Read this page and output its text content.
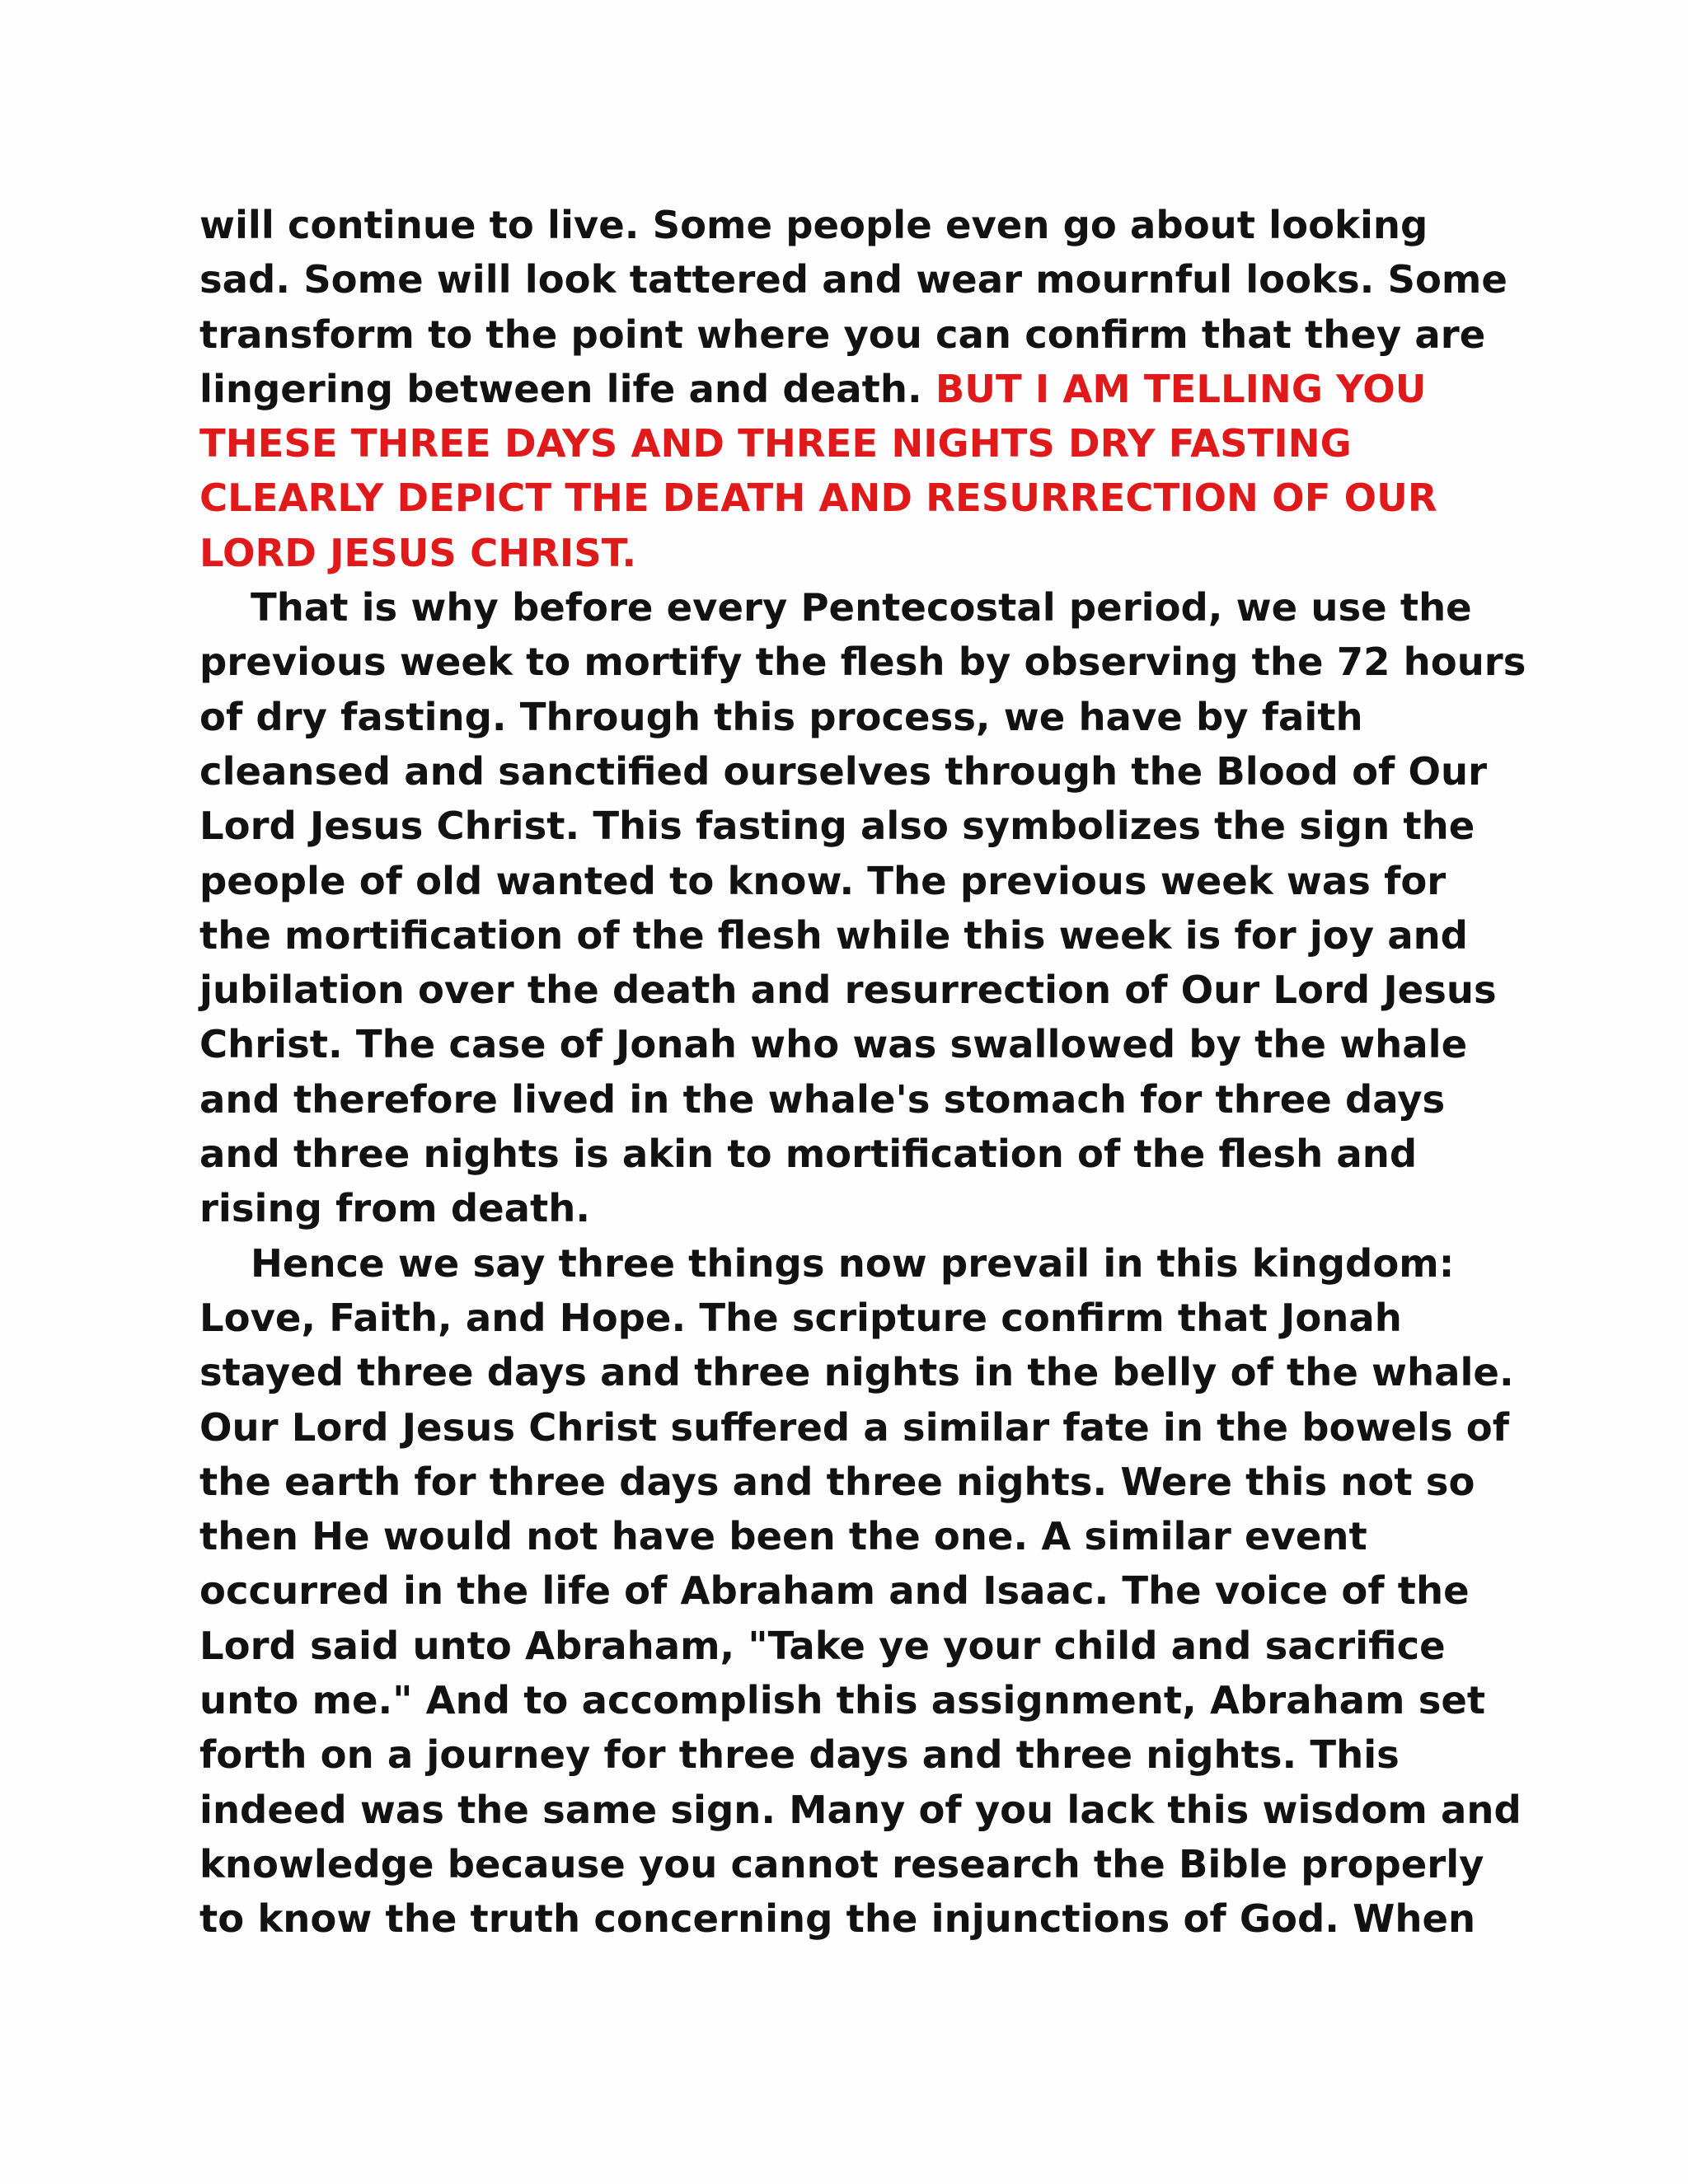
will continue to live. Some people even go about looking
sad. Some will look tattered and wear mournful looks. Some
transform to the point where you can confirm that they are
lingering between life and death. BUT I AM TELLING YOU
THESE THREE DAYS AND THREE NIGHTS DRY FASTING
CLEARLY DEPICT THE DEATH AND RESURRECTION OF OUR
LORD JESUS CHRIST.
That is why before every Pentecostal period, we use the
previous week to mortify the flesh by observing the 72 hours
of dry fasting. Through this process, we have by faith
cleansed and sanctified ourselves through the Blood of Our
Lord Jesus Christ. This fasting also symbolizes the sign the
people of old wanted to know. The previous week was for
the mortification of the flesh while this week is for joy and
jubilation over the death and resurrection of Our Lord Jesus
Christ. The case of Jonah who was swallowed by the whale
and therefore lived in the whale's stomach for three days
and three nights is akin to mortification of the flesh and
rising from death.
Hence we say three things now prevail in this kingdom:
Love, Faith, and Hope. The scripture confirm that Jonah
stayed three days and three nights in the belly of the whale.
Our Lord Jesus Christ suffered a similar fate in the bowels of
the earth for three days and three nights. Were this not so
then He would not have been the one. A similar event
occurred in the life of Abraham and Isaac. The voice of the
Lord said unto Abraham, "Take ye your child and sacrifice
unto me." And to accomplish this assignment, Abraham set
forth on a journey for three days and three nights. This
indeed was the same sign. Many of you lack this wisdom and
knowledge because you cannot research the Bible properly
to know the truth concerning the injunctions of God. When
